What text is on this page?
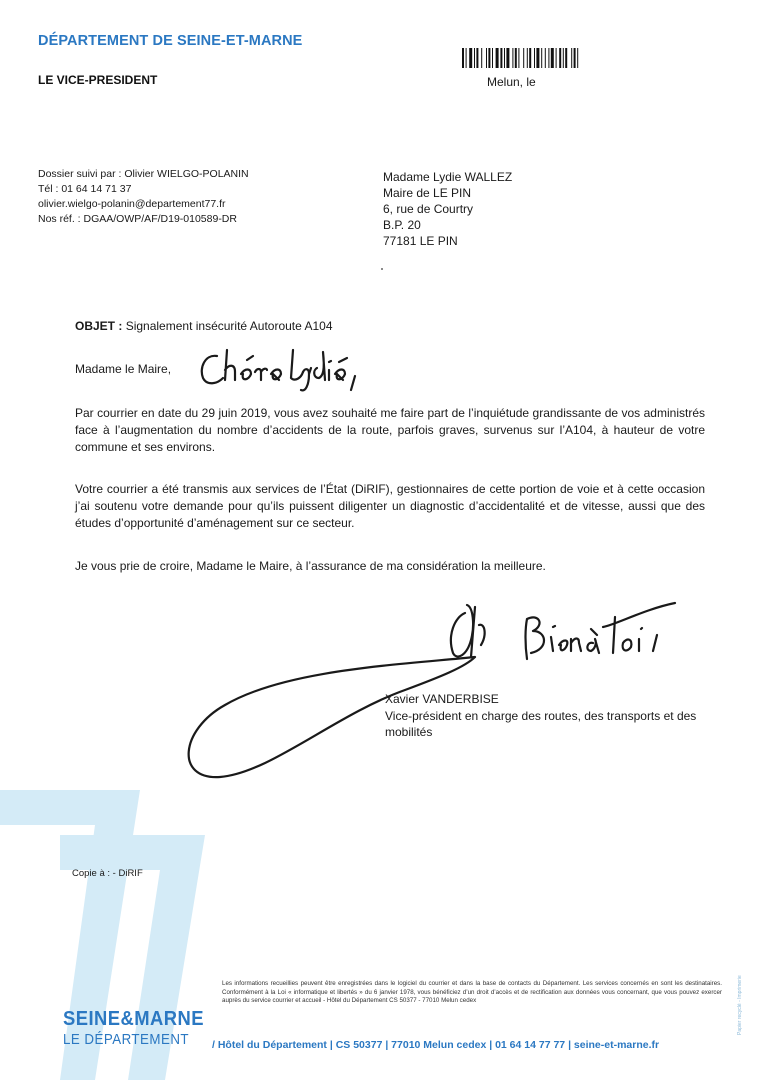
DÉPARTEMENT DE SEINE-ET-MARNE
LE VICE-PRESIDENT	Melun, le
Dossier suivi par : Olivier WIELGO-POLANIN
Tél : 01 64 14 71 37
olivier.wielgo-polanin@departement77.fr
Nos réf. : DGAA/OWP/AF/D19-010589-DR
Madame Lydie WALLEZ
Maire de LE PIN
6, rue de Courtry
B.P. 20
77181 LE PIN
OBJET : Signalement insécurité Autoroute A104
Madame le Maire,
Par courrier en date du 29 juin 2019, vous avez souhaité me faire part de l’inquiétude grandissante de vos administrés face à l’augmentation du nombre d’accidents de la route, parfois graves, survenus sur l’A104, à hauteur de votre commune et ses environs.
Votre courrier a été transmis aux services de l’État (DiRIF), gestionnaires de cette portion de voie et à cette occasion j’ai soutenu votre demande pour qu’ils puissent diligenter un diagnostic d’accidentalité et de vitesse, aussi que des études d’opportunité d’aménagement sur ce secteur.
Je vous prie de croire, Madame le Maire, à l’assurance de ma considération la meilleure.
Xavier VANDERBISE
Vice-président en charge des routes, des transports et des mobilités
Copie à : - DiRIF
Les informations recueillies peuvent être enregistrées dans le logiciel du courrier et dans la base de contacts du Département. Les services concernés en sont les destinataires. Conformément à la Loi « informatique et libertés » du 6 janvier 1978, vous bénéficiez d’un droit d’accès et de rectification aux données vous concernant, que vous pouvez exercer auprès du service courrier et accueil - Hôtel du Département CS 50377 - 77010 Melun cedex	Papier recyclé - Imprimerie
SEINE&MARNE
LE DÉPARTEMENT	/ Hôtel du Département | CS 50377 | 77010 Melun cedex | 01 64 14 77 77 | seine-et-marne.fr
